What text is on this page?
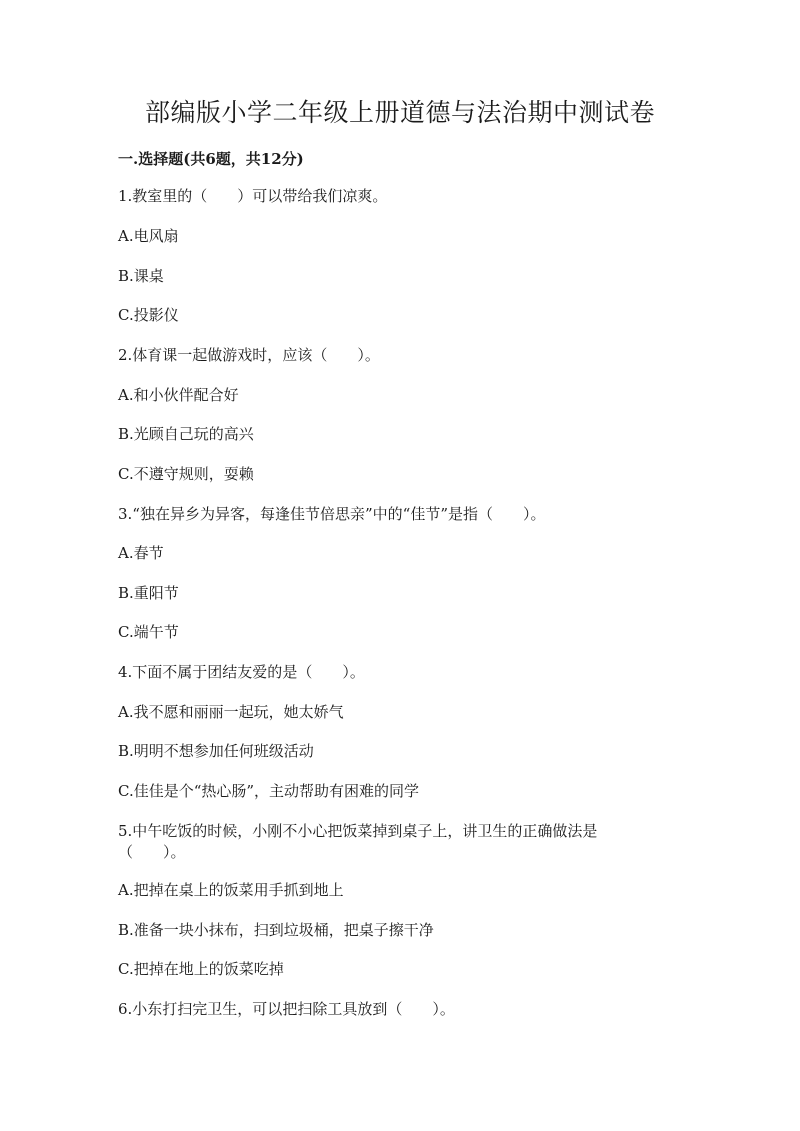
部编版小学二年级上册道德与法治期中测试卷

一.选择题(共6题，共12分)

1.教室里的（　　）可以带给我们凉爽。

A.电风扇

B.课桌

C.投影仪

2.体育课一起做游戏时，应该（　　）。

A.和小伙伴配合好

B.光顾自己玩的高兴

C.不遵守规则，耍赖

3.“独在异乡为异客，每逢佳节倍思亲”中的“佳节”是指（　　）。

A.春节

B.重阳节

C.端午节

4.下面不属于团结友爱的是（　　）。

A.我不愿和丽丽一起玩，她太娇气

B.明明不想参加任何班级活动

C.佳佳是个“热心肠”，主动帮助有困难的同学

5.中午吃饭的时候，小刚不小心把饭菜掉到桌子上，讲卫生的正确做法是（　　）。

A.把掉在桌上的饭菜用手抓到地上

B.准备一块小抹布，扫到垃圾桶，把桌子擦干净

C.把掉在地上的饭菜吃掉

6.小东打扫完卫生，可以把扫除工具放到（　　）。
